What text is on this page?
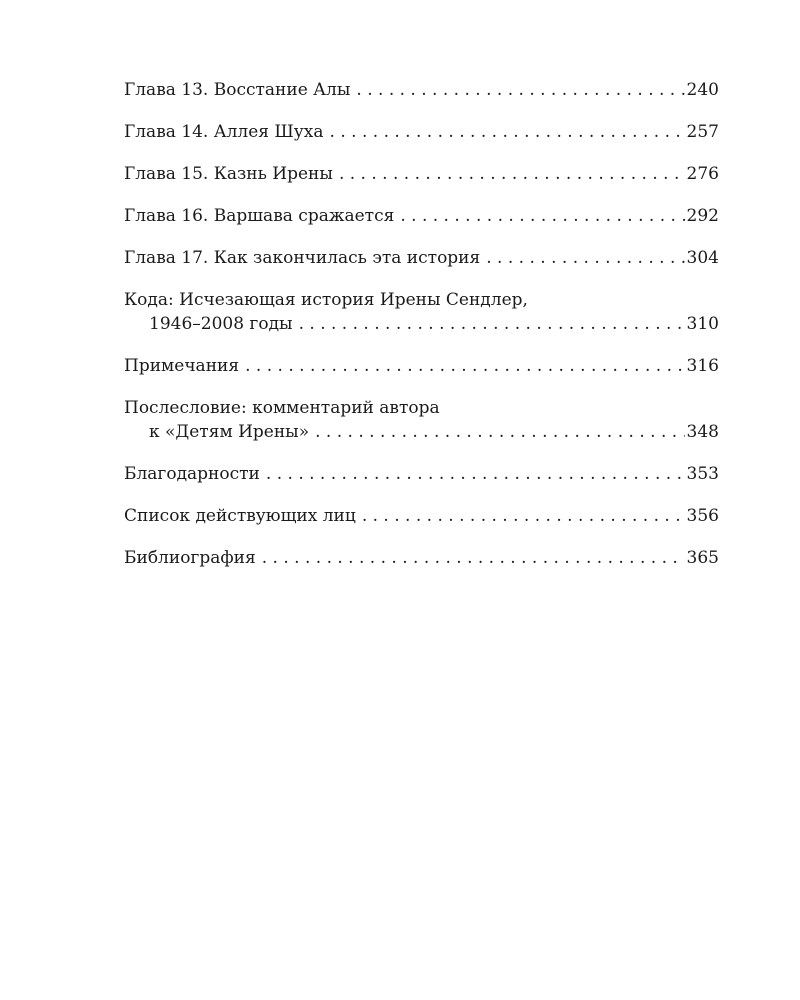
Глава 13. Восстание Алы . . .	240
Глава 14. Аллея Шуха . . .	257
Глава 15. Казнь Ирены . . .	276
Глава 16. Варшава сражается . . .	292
Глава 17. Как закончилась эта история . . .	304
Кода: Исчезающая история Ирены Сендлер,
1946–2008 годы . . .	310
Примечания . . .	316
Послесловие: комментарий автора
к «Детям Ирены» . . .	348
Благодарности . . .	353
Список действующих лиц . . .	356
Библиография . . .	365
